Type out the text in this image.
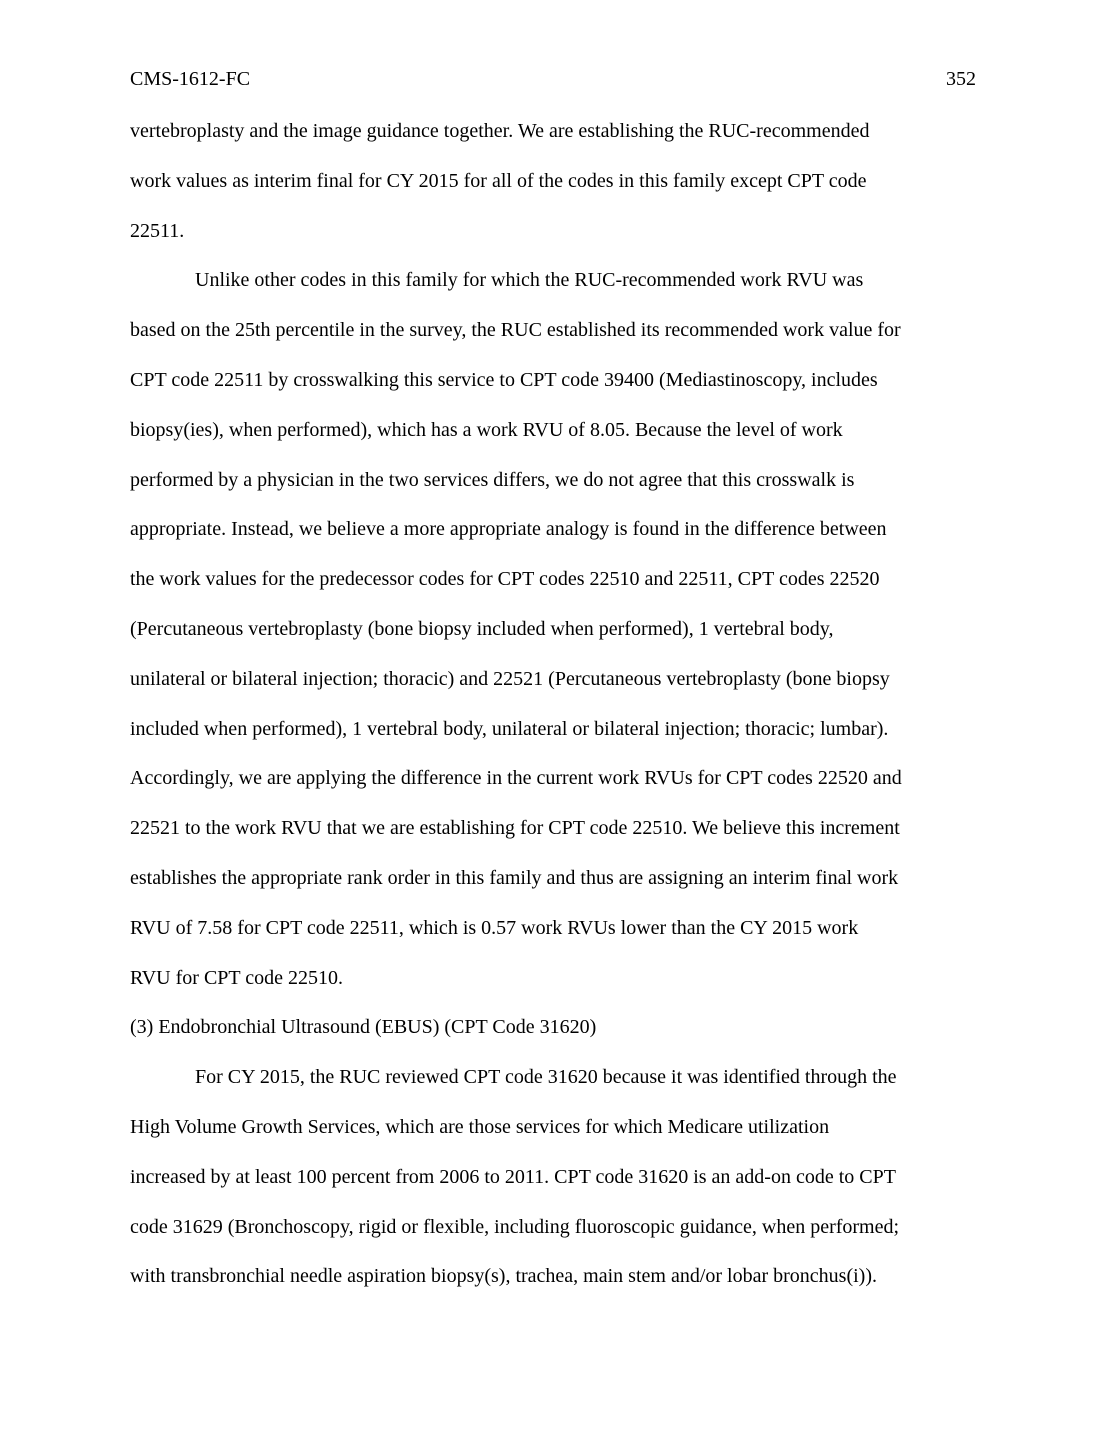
CMS-1612-FC	352
vertebroplasty and the image guidance together. We are establishing the RUC-recommended
work values as interim final for CY 2015 for all of the codes in this family except CPT code
22511.
Unlike other codes in this family for which the RUC-recommended work RVU was
based on the 25th percentile in the survey, the RUC established its recommended work value for
CPT code 22511 by crosswalking this service to CPT code 39400 (Mediastinoscopy, includes
biopsy(ies), when performed), which has a work RVU of 8.05. Because the level of work
performed by a physician in the two services differs, we do not agree that this crosswalk is
appropriate. Instead, we believe a more appropriate analogy is found in the difference between
the work values for the predecessor codes for CPT codes 22510 and 22511, CPT codes 22520
(Percutaneous vertebroplasty (bone biopsy included when performed), 1 vertebral body,
unilateral or bilateral injection; thoracic) and 22521 (Percutaneous vertebroplasty (bone biopsy
included when performed), 1 vertebral body, unilateral or bilateral injection; thoracic; lumbar).
Accordingly, we are applying the difference in the current work RVUs for CPT codes 22520 and
22521 to the work RVU that we are establishing for CPT code 22510. We believe this increment
establishes the appropriate rank order in this family and thus are assigning an interim final work
RVU of 7.58 for CPT code 22511, which is 0.57 work RVUs lower than the CY 2015 work
RVU for CPT code 22510.
(3) Endobronchial Ultrasound (EBUS) (CPT Code 31620)
For CY 2015, the RUC reviewed CPT code 31620 because it was identified through the
High Volume Growth Services, which are those services for which Medicare utilization
increased by at least 100 percent from 2006 to 2011. CPT code 31620 is an add-on code to CPT
code 31629 (Bronchoscopy, rigid or flexible, including fluoroscopic guidance, when performed;
with transbronchial needle aspiration biopsy(s), trachea, main stem and/or lobar bronchus(i)).
